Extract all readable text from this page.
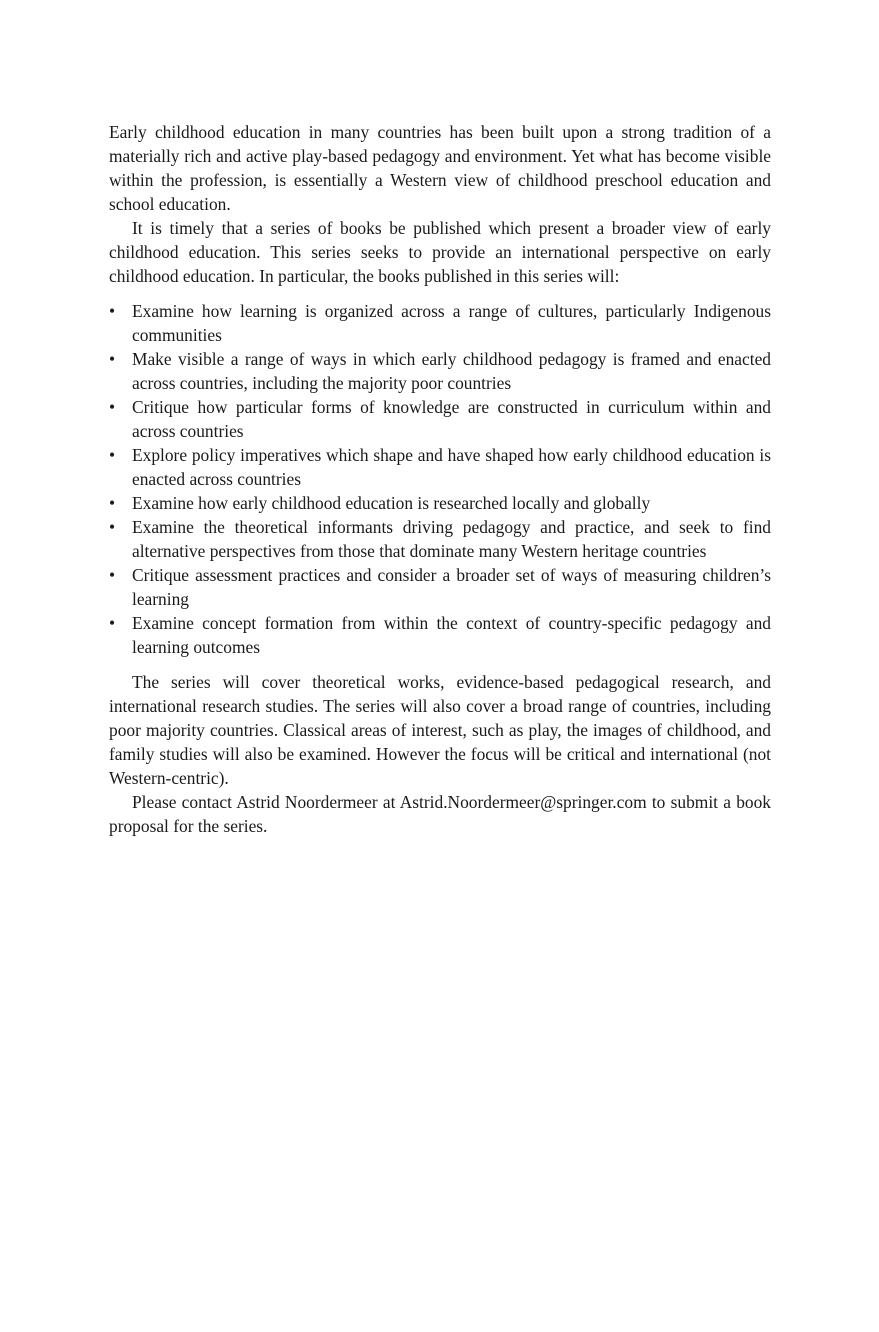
Early childhood education in many countries has been built upon a strong tradition of a materially rich and active play-based pedagogy and environment. Yet what has become visible within the profession, is essentially a Western view of childhood preschool education and school education.

It is timely that a series of books be published which present a broader view of early childhood education. This series seeks to provide an international perspective on early childhood education. In particular, the books published in this series will:

• Examine how learning is organized across a range of cultures, particularly Indigenous communities
• Make visible a range of ways in which early childhood pedagogy is framed and enacted across countries, including the majority poor countries
• Critique how particular forms of knowledge are constructed in curriculum within and across countries
• Explore policy imperatives which shape and have shaped how early childhood education is enacted across countries
• Examine how early childhood education is researched locally and globally
• Examine the theoretical informants driving pedagogy and practice, and seek to find alternative perspectives from those that dominate many Western heritage countries
• Critique assessment practices and consider a broader set of ways of measuring children’s learning
• Examine concept formation from within the context of country-specific pedagogy and learning outcomes

The series will cover theoretical works, evidence-based pedagogical research, and international research studies. The series will also cover a broad range of countries, including poor majority countries. Classical areas of interest, such as play, the images of childhood, and family studies will also be examined. However the focus will be critical and international (not Western-centric).

Please contact Astrid Noordermeer at Astrid.Noordermeer@springer.com to submit a book proposal for the series.
